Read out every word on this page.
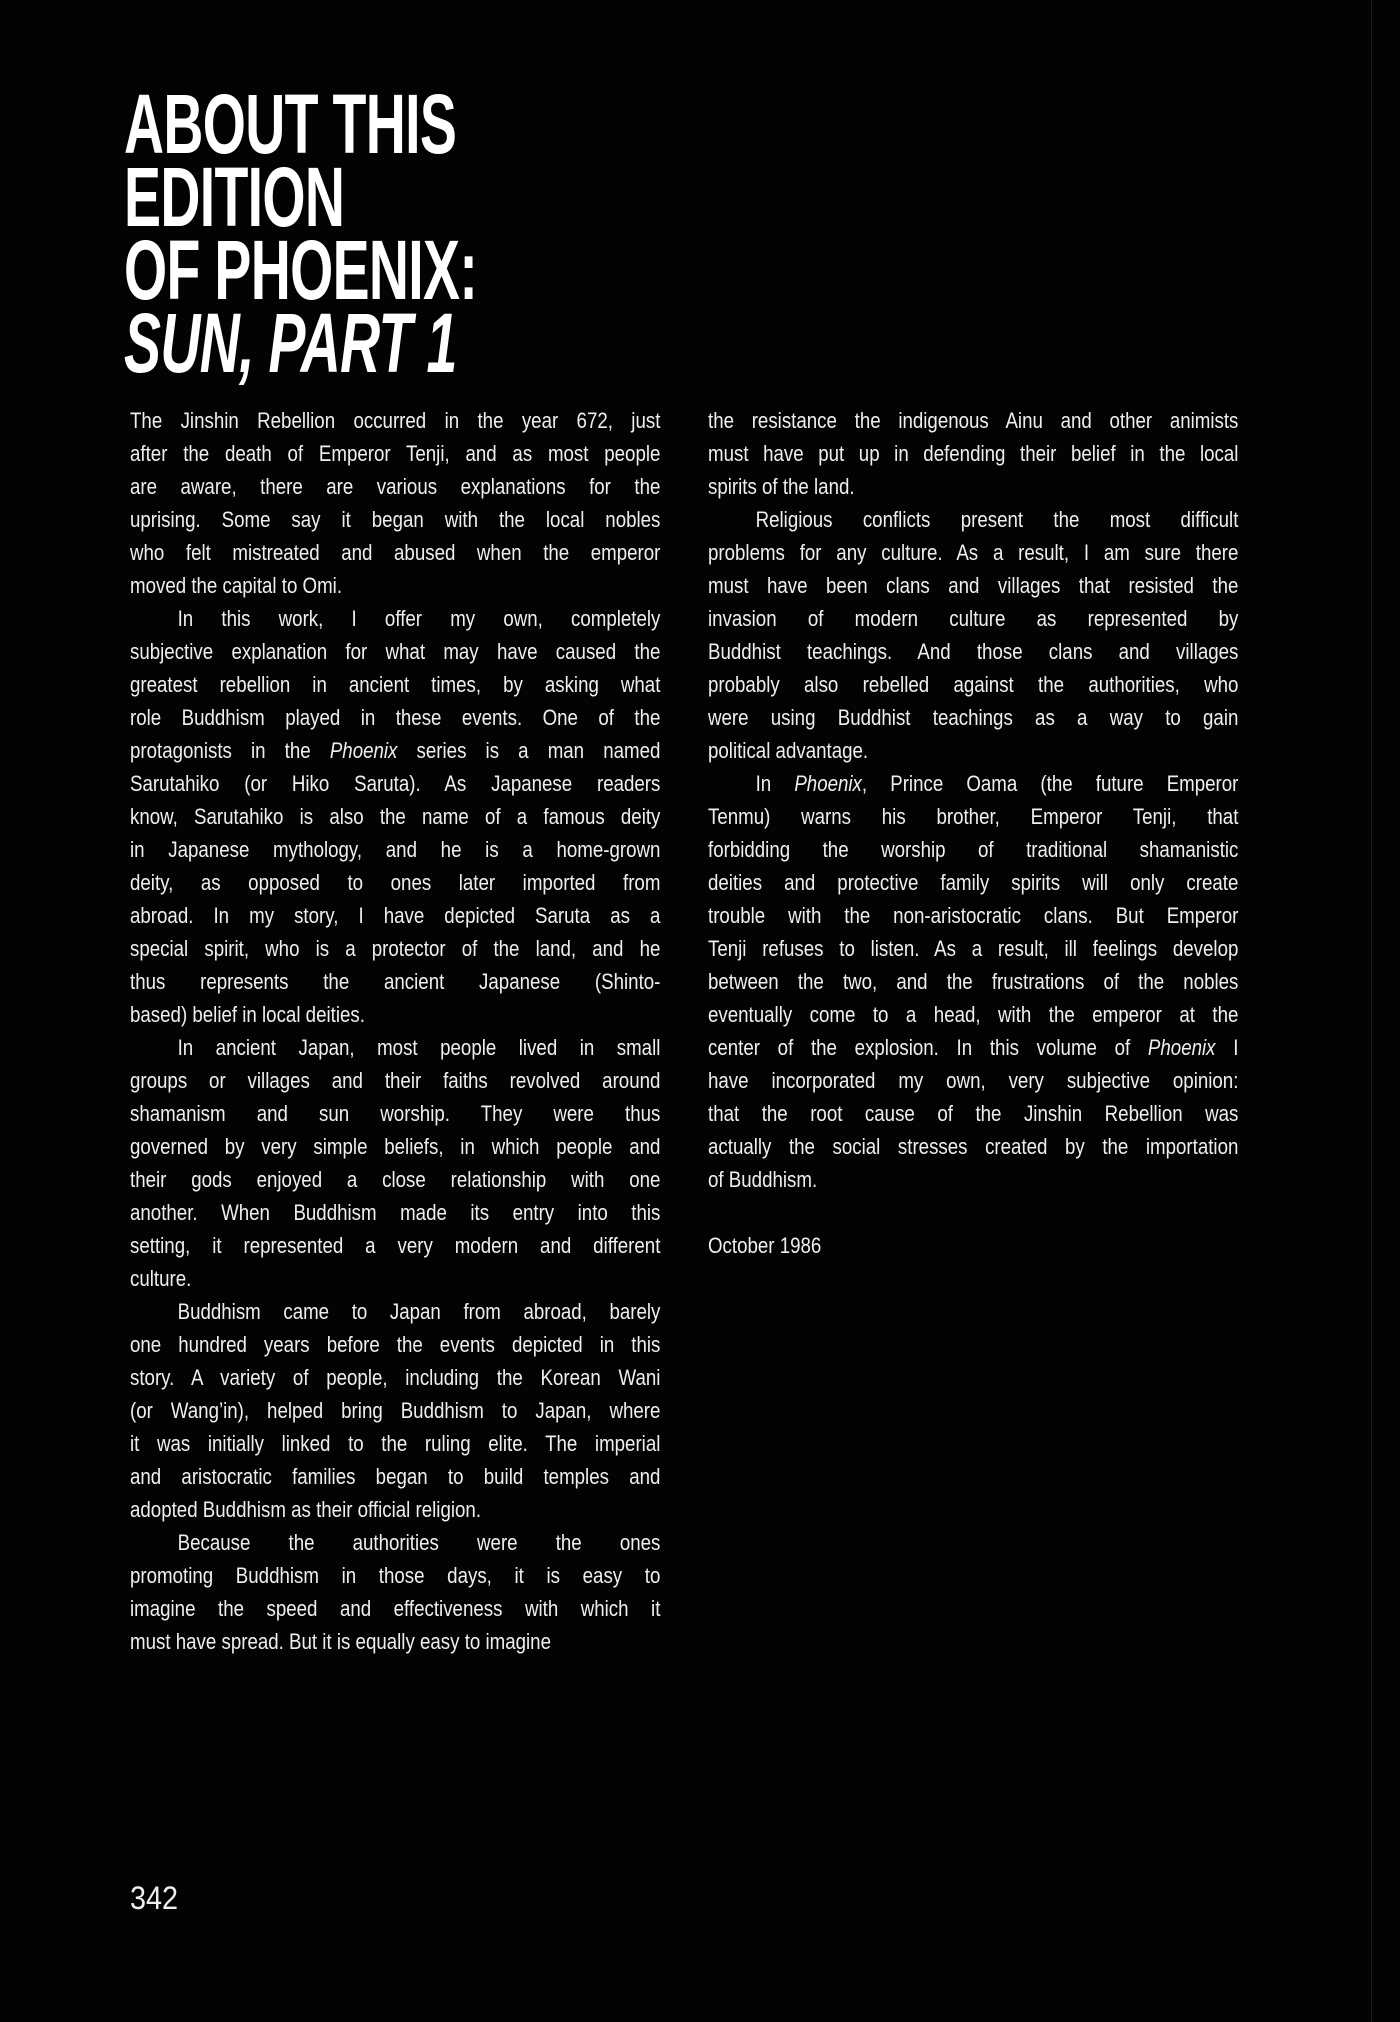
ABOUT THIS
EDITION
OF PHOENIX:
SUN, PART 1
The Jinshin Rebellion occurred in the year 672, just
after the death of Emperor Tenji, and as most people
are aware, there are various explanations for the
uprising. Some say it began with the local nobles
who felt mistreated and abused when the emperor
moved the capital to Omi.
In this work, I offer my own, completely
subjective explanation for what may have caused the
greatest rebellion in ancient times, by asking what
role Buddhism played in these events. One of the
protagonists in the Phoenix series is a man named
Sarutahiko (or Hiko Saruta). As Japanese readers
know, Sarutahiko is also the name of a famous deity
in Japanese mythology, and he is a home-grown
deity, as opposed to ones later imported from
abroad. In my story, I have depicted Saruta as a
special spirit, who is a protector of the land, and he
thus represents the ancient Japanese (Shinto-
based) belief in local deities.
In ancient Japan, most people lived in small
groups or villages and their faiths revolved around
shamanism and sun worship. They were thus
governed by very simple beliefs, in which people and
their gods enjoyed a close relationship with one
another. When Buddhism made its entry into this
setting, it represented a very modern and different
culture.
Buddhism came to Japan from abroad, barely
one hundred years before the events depicted in this
story. A variety of people, including the Korean Wani
(or Wang’in), helped bring Buddhism to Japan, where
it was initially linked to the ruling elite. The imperial
and aristocratic families began to build temples and
adopted Buddhism as their official religion.
Because the authorities were the ones
promoting Buddhism in those days, it is easy to
imagine the speed and effectiveness with which it
must have spread. But it is equally easy to imagine
the resistance the indigenous Ainu and other animists
must have put up in defending their belief in the local
spirits of the land.
Religious conflicts present the most difficult
problems for any culture. As a result, I am sure there
must have been clans and villages that resisted the
invasion of modern culture as represented by
Buddhist teachings. And those clans and villages
probably also rebelled against the authorities, who
were using Buddhist teachings as a way to gain
political advantage.
In Phoenix, Prince Oama (the future Emperor
Tenmu) warns his brother, Emperor Tenji, that
forbidding the worship of traditional shamanistic
deities and protective family spirits will only create
trouble with the non-aristocratic clans. But Emperor
Tenji refuses to listen. As a result, ill feelings develop
between the two, and the frustrations of the nobles
eventually come to a head, with the emperor at the
center of the explosion. In this volume of Phoenix I
have incorporated my own, very subjective opinion:
that the root cause of the Jinshin Rebellion was
actually the social stresses created by the importation
of Buddhism.
October 1986
342
